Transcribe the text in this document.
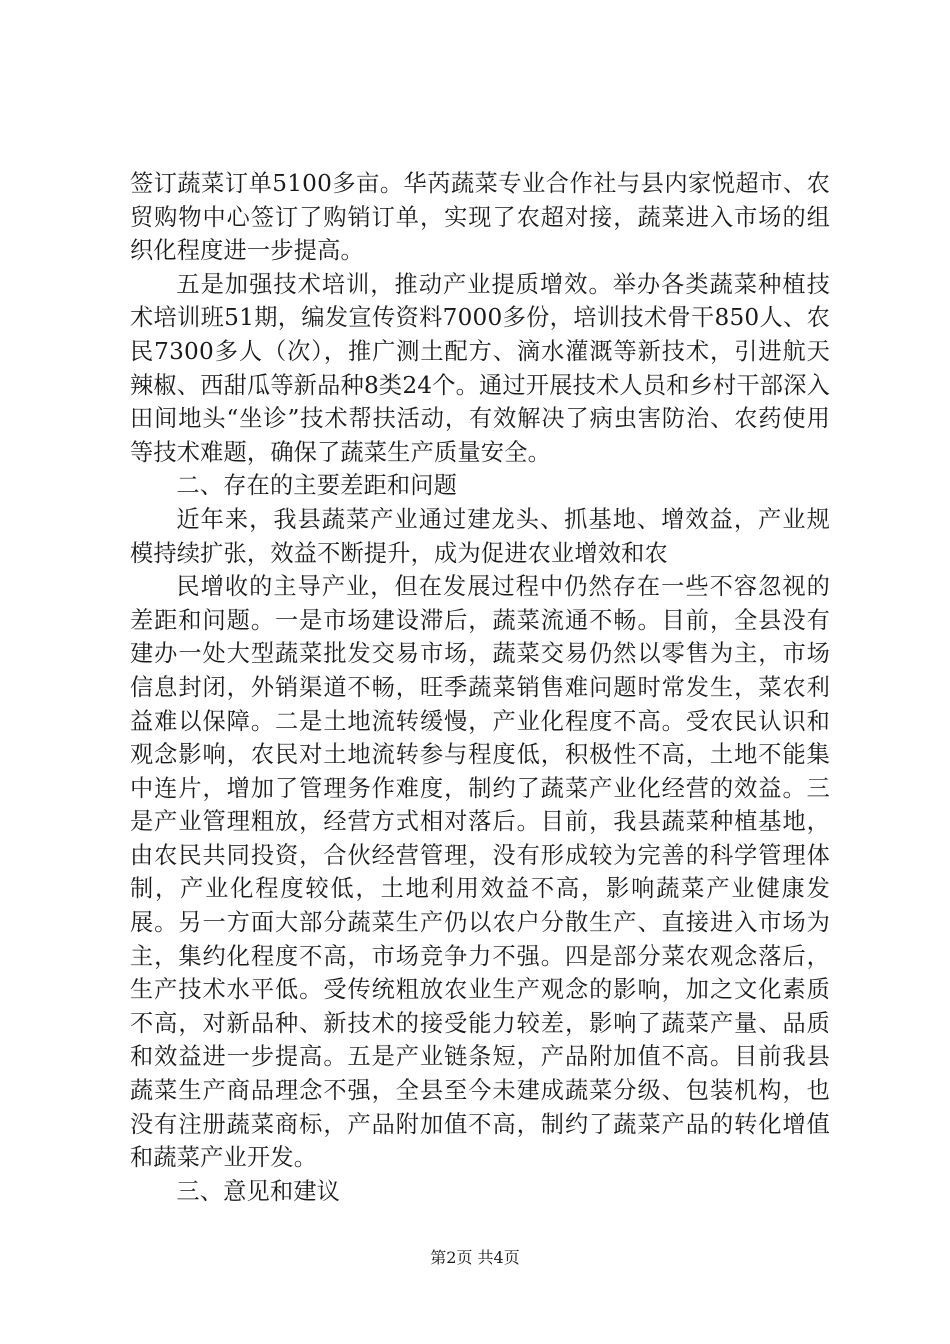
签订蔬菜订单5100多亩。华芮蔬菜专业合作社与县内家悦超市、农贸购物中心签订了购销订单，实现了农超对接，蔬菜进入市场的组织化程度进一步提高。

五是加强技术培训，推动产业提质增效。举办各类蔬菜种植技术培训班51期，编发宣传资料7000多份，培训技术骨干850人、农民7300多人（次），推广测土配方、滴水灌溉等新技术，引进航天辣椒、西甜瓜等新品种8类24个。通过开展技术人员和乡村干部深入田间地头“坐诊”技术帮扶活动，有效解决了病虫害防治、农药使用等技术难题，确保了蔬菜生产质量安全。

二、存在的主要差距和问题

近年来，我县蔬菜产业通过建龙头、抓基地、增效益，产业规模持续扩张，效益不断提升，成为促进农业增效和农

民增收的主导产业，但在发展过程中仍然存在一些不容忽视的差距和问题。一是市场建设滞后，蔬菜流通不畅。目前，全县没有建办一处大型蔬菜批发交易市场，蔬菜交易仍然以零售为主，市场信息封闭，外销渠道不畅，旺季蔬菜销售难问题时常发生，菜农利益难以保障。二是土地流转缓慢，产业化程度不高。受农民认识和观念影响，农民对土地流转参与程度低，积极性不高，土地不能集中连片，增加了管理务作难度，制约了蔬菜产业化经营的效益。三是产业管理粗放，经营方式相对落后。目前，我县蔬菜种植基地，由农民共同投资，合伙经营管理，没有形成较为完善的科学管理体制，产业化程度较低，土地利用效益不高，影响蔬菜产业健康发展。另一方面大部分蔬菜生产仍以农户分散生产、直接进入市场为主，集约化程度不高，市场竞争力不强。四是部分菜农观念落后，生产技术水平低。受传统粗放农业生产观念的影响，加之文化素质不高，对新品种、新技术的接受能力较差，影响了蔬菜产量、品质和效益进一步提高。五是产业链条短，产品附加值不高。目前我县蔬菜生产商品理念不强，全县至今未建成蔬菜分级、包装机构，也没有注册蔬菜商标，产品附加值不高，制约了蔬菜产品的转化增值和蔬菜产业开发。

三、意见和建议

第2页 共4页
